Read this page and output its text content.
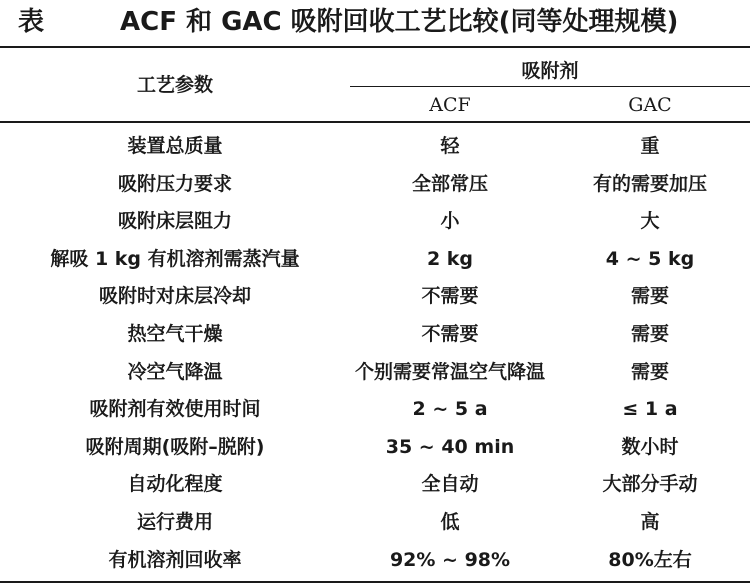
表	ACF 和 GAC 吸附回收工艺比较(同等处理规模)
工艺参数
吸附剂
ACF	GAC
装置总质量	轻	重
吸附压力要求	全部常压	有的需要加压
吸附床层阻力	小	大
解吸 1 kg 有机溶剂需蒸汽量	2 kg	4 ~ 5 kg
吸附时对床层冷却	不需要	需要
热空气干燥	不需要	需要
冷空气降温	个别需要常温空气降温	需要
吸附剂有效使用时间	2 ~ 5 a	≤ 1 a
吸附周期(吸附–脱附)	35 ~ 40 min	数小时
自动化程度	全自动	大部分手动
运行费用	低	高
有机溶剂回收率	92% ~ 98%	80%左右
